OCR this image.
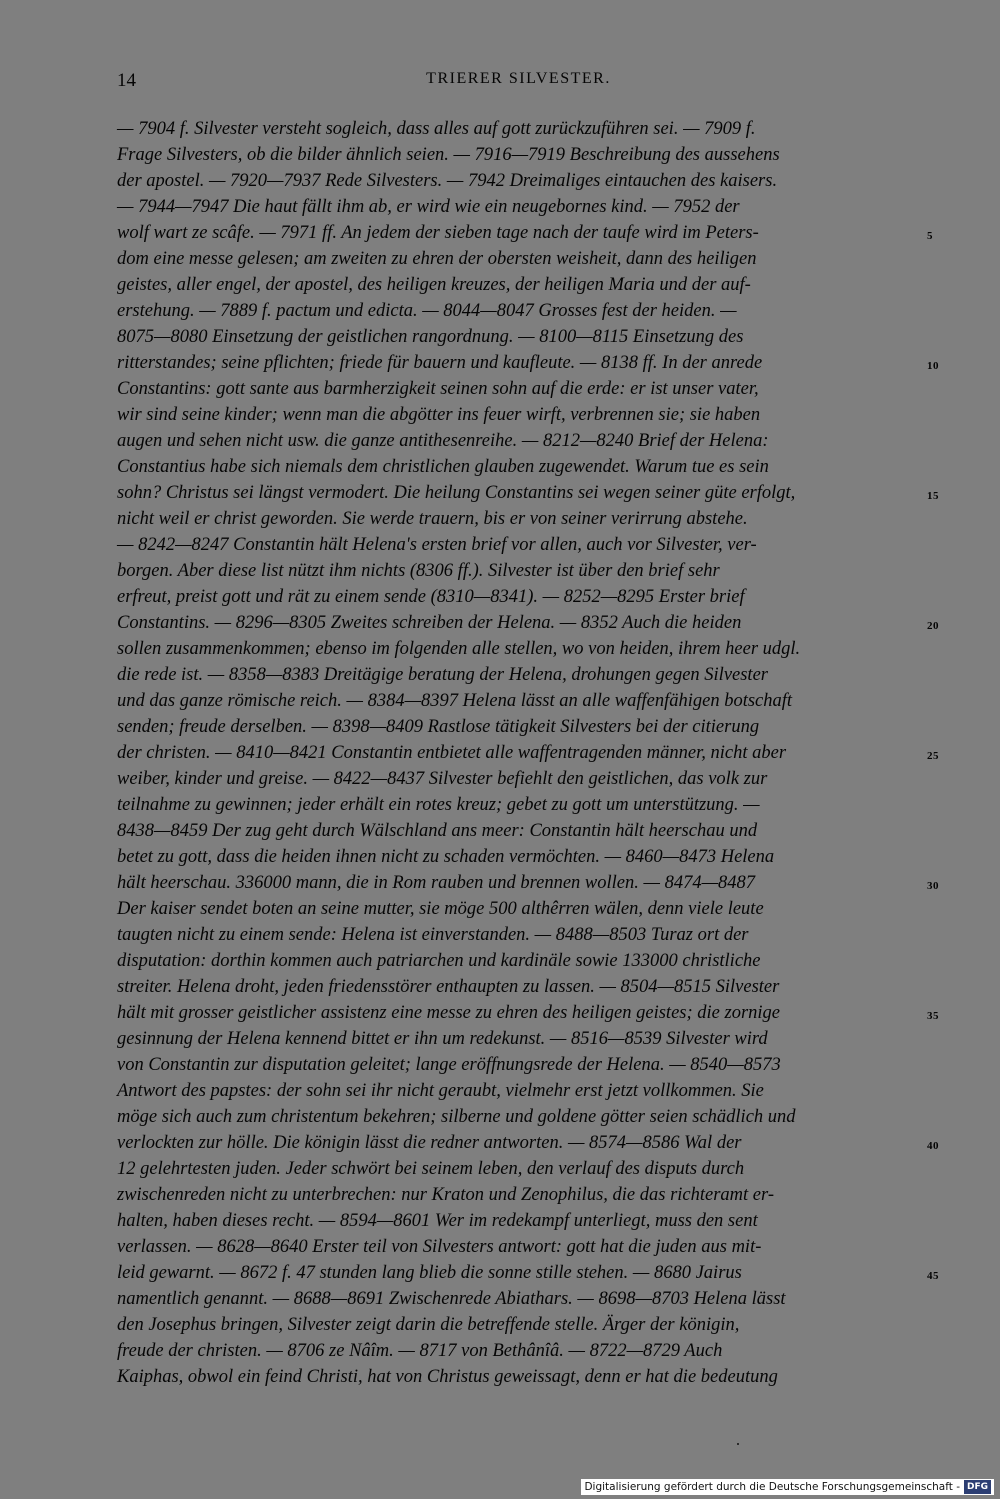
14	TRIERER SILVESTER.
— 7904 f. Silvester versteht sogleich, dass alles auf gott zurückzuführen sei. — 7909 f.
Frage Silvesters, ob die bilder ähnlich seien. — 7916—7919 Beschreibung des aussehens
der apostel. — 7920—7937 Rede Silvesters. — 7942 Dreimaliges eintauchen des kaisers.
— 7944—7947 Die haut fällt ihm ab, er wird wie ein neugebornes kind. — 7952 der
wolf wart ze scâfe. — 7971 ff. An jedem der sieben tage nach der taufe wird im Peters-	5
dom eine messe gelesen; am zweiten zu ehren der obersten weisheit, dann des heiligen
geistes, aller engel, der apostel, des heiligen kreuzes, der heiligen Maria und der auf-
erstehung. — 7889 f. pactum und edicta. — 8044—8047 Grosses fest der heiden. —
8075—8080 Einsetzung der geistlichen rangordnung. — 8100—8115 Einsetzung des
ritterstandes; seine pflichten; friede für bauern und kaufleute. — 8138 ff. In der anrede	10
Constantins: gott sante aus barmherzigkeit seinen sohn auf die erde: er ist unser vater,
wir sind seine kinder; wenn man die abgötter ins feuer wirft, verbrennen sie; sie haben
augen und sehen nicht usw. die ganze antithesenreihe. — 8212—8240 Brief der Helena:
Constantius habe sich niemals dem christlichen glauben zugewendet. Warum tue es sein
sohn? Christus sei längst vermodert. Die heilung Constantins sei wegen seiner güte erfolgt,	15
nicht weil er christ geworden. Sie werde trauern, bis er von seiner verirrung abstehe.
— 8242—8247 Constantin hält Helena's ersten brief vor allen, auch vor Silvester, ver-
borgen. Aber diese list nützt ihm nichts (8306 ff.). Silvester ist über den brief sehr
erfreut, preist gott und rät zu einem sende (8310—8341). — 8252—8295 Erster brief
Constantins. — 8296—8305 Zweites schreiben der Helena. — 8352 Auch die heiden	20
sollen zusammenkommen; ebenso im folgenden alle stellen, wo von heiden, ihrem heer udgl.
die rede ist. — 8358—8383 Dreitägige beratung der Helena, drohungen gegen Silvester
und das ganze römische reich. — 8384—8397 Helena lässt an alle waffenfähigen botschaft
senden; freude derselben. — 8398—8409 Rastlose tätigkeit Silvesters bei der citierung
der christen. — 8410—8421 Constantin entbietet alle waffentragenden männer, nicht aber	25
weiber, kinder und greise. — 8422—8437 Silvester befiehlt den geistlichen, das volk zur
teilnahme zu gewinnen; jeder erhält ein rotes kreuz; gebet zu gott um unterstützung. —
8438—8459 Der zug geht durch Wälschland ans meer: Constantin hält heerschau und
betet zu gott, dass die heiden ihnen nicht zu schaden vermöchten. — 8460—8473 Helena
hält heerschau. 336000 mann, die in Rom rauben und brennen wollen. — 8474—8487	30
Der kaiser sendet boten an seine mutter, sie möge 500 althêrren wälen, denn viele leute
taugten nicht zu einem sende: Helena ist einverstanden. — 8488—8503 Turaz ort der
disputation: dorthin kommen auch patriarchen und kardinäle sowie 133000 christliche
streiter. Helena droht, jeden friedensstörer enthaupten zu lassen. — 8504—8515 Silvester
hält mit grosser geistlicher assistenz eine messe zu ehren des heiligen geistes; die zornige	35
gesinnung der Helena kennend bittet er ihn um redekunst. — 8516—8539 Silvester wird
von Constantin zur disputation geleitet; lange eröffnungsrede der Helena. — 8540—8573
Antwort des papstes: der sohn sei ihr nicht geraubt, vielmehr erst jetzt vollkommen. Sie
möge sich auch zum christentum bekehren; silberne und goldene götter seien schädlich und
verlockten zur hölle. Die königin lässt die redner antworten. — 8574—8586 Wal der	40
12 gelehrtesten juden. Jeder schwört bei seinem leben, den verlauf des disputs durch
zwischenreden nicht zu unterbrechen: nur Kraton und Zenophilus, die das richteramt er-
halten, haben dieses recht. — 8594—8601 Wer im redekampf unterliegt, muss den sent
verlassen. — 8628—8640 Erster teil von Silvesters antwort: gott hat die juden aus mit-
leid gewarnt. — 8672 f. 47 stunden lang blieb die sonne stille stehen. — 8680 Jairus	45
namentlich genannt. — 8688—8691 Zwischenrede Abiathars. — 8698—8703 Helena lässt
den Josephus bringen, Silvester zeigt darin die betreffende stelle. Ärger der königin,
freude der christen. — 8706 ze Nâîm. — 8717 von Bethânîâ. — 8722—8729 Auch
Kaiphas, obwol ein feind Christi, hat von Christus geweissagt, denn er hat die bedeutung
Digitalisierung gefördert durch die Deutsche Forschungsgemeinschaft - DFG
